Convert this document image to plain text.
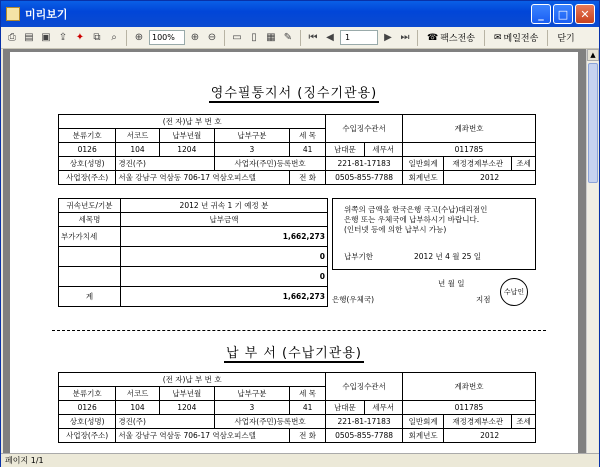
미리보기	_	□	✕
⎙ ▤ ▣ ⇪ ✦ ⧉	⌕	⊕	100%	⊕ ⊖ ▭ ▯ ▦ ✎ ⏮ ◀	1	▶ ⏭ ☎ 팩스전송 ✉ 메일전송	닫기
영수필통지서 (징수기관용)
(전 자)납 부 번 호					수입징수관서		계좌번호		
분류기호	서코드	납부년월	납부구분	세 목					
0126	104	1204	3	41	남대문	세무서	011785		
상호(성명)	경진(주)		사업자(주민)등록번호		221-81-17183		일반회계	재정경제부소관	조세
사업장(주소)	서울 강남구 역삼동 706-17 역삼오피스텔			전 화	0505-855-7788		회계년도	2012	
귀속년도/기분	2012 년 귀속 1 기 예정 분
세목명	납부금액
부가가치세	1,662,273
	0
	0
계	1,662,273
위쪽의 금액을 한국은행 국고(수납)대리점인
은행 또는 우체국에 납부하시기 바랍니다.
(인터넷 등에 의한 납부시 가능)
납부기한	2012 년 4 월 25 일
년 월 일
은행(우체국)	지점
수납인
납 부 서 (수납기관용)
(전 자)납 부 번 호					수입징수관서		계좌번호		
분류기호	서코드	납부년월	납부구분	세 목					
0126	104	1204	3	41	남대문	세무서	011785		
상호(성명)	경진(주)		사업자(주민)등록번호		221-81-17183		일반회계	재정경제부소관	조세
사업장(주소)	서울 강남구 역삼동 706-17 역삼오피스텔			전 화	0505-855-7788		회계년도	2012	
▲
페이지 1/1
